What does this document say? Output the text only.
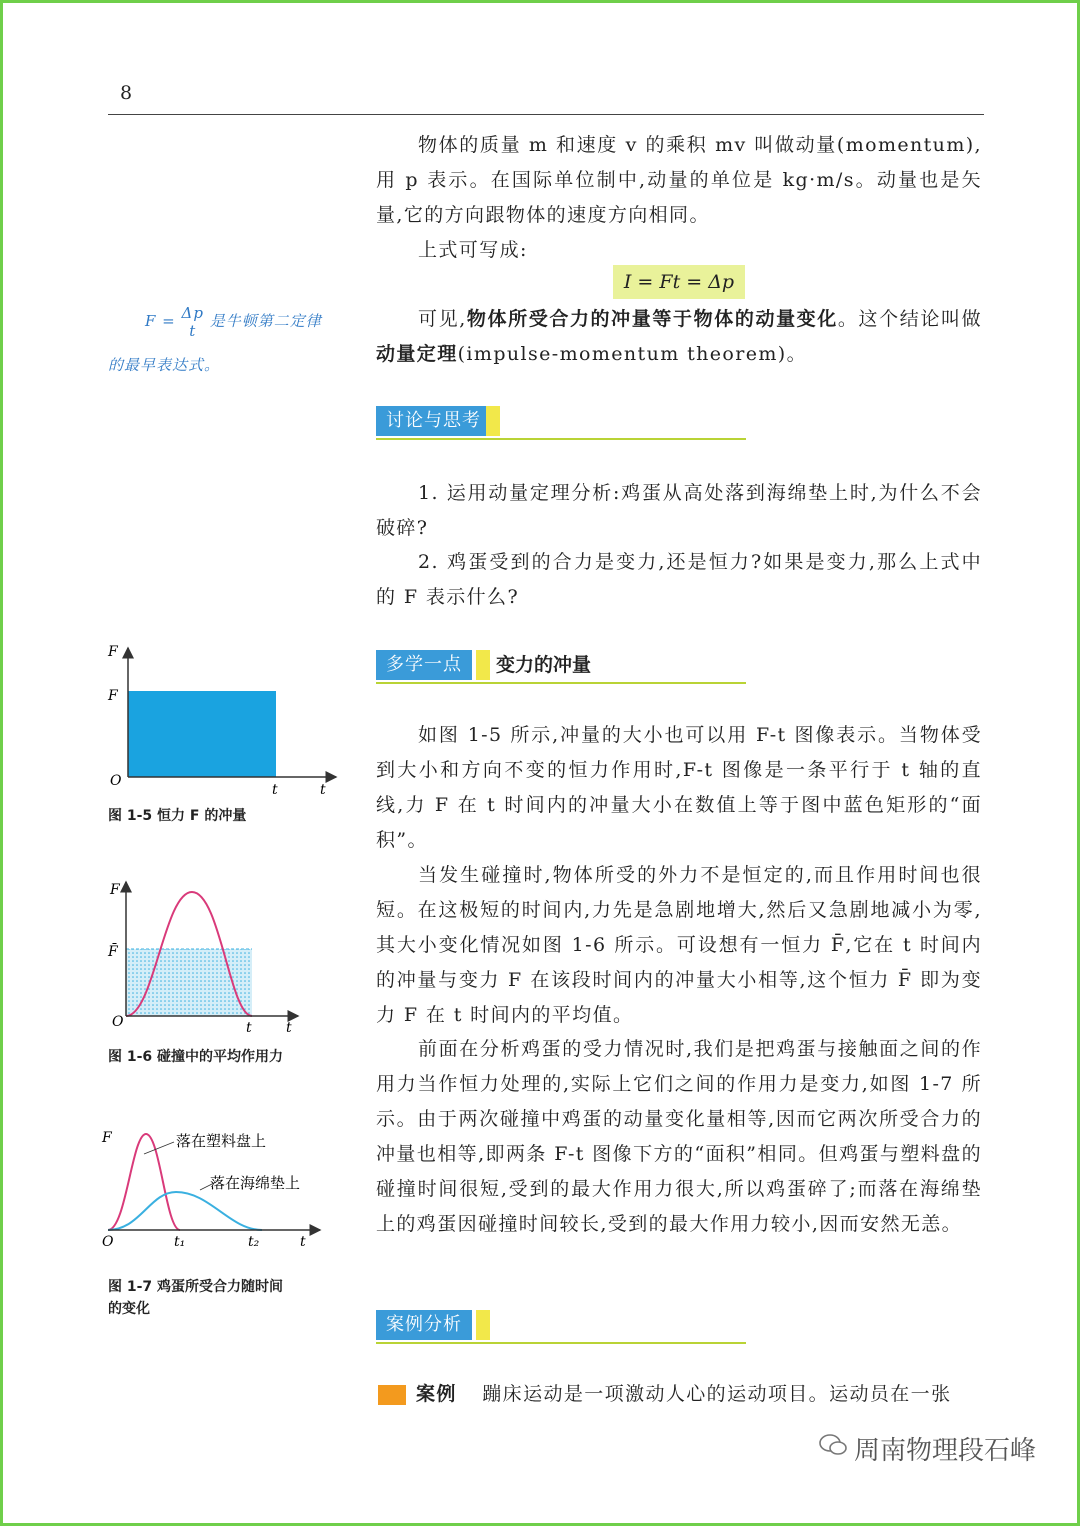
8

物体的质量 m 和速度 v 的乘积 mv 叫做动量(momentum),用 p 表示。在国际单位制中,动量的单位是 kg·m/s。动量也是矢量,它的方向跟物体的速度方向相同。

上式可写成:

I = Ft = Δp

可见,物体所受合力的冲量等于物体的动量变化。这个结论叫做动量定理(impulse-momentum theorem)。

F = Δp
t
是牛顿第二定律
的最早表达式。
讨论与思考

1. 运用动量定理分析:鸡蛋从高处落到海绵垫上时,为什么不会破碎?

2. 鸡蛋受到的合力是变力,还是恒力?如果是变力,那么上式中的 F 表示什么?

多学一点	变力的冲量

如图 1-5 所示,冲量的大小也可以用 F-t 图像表示。当物体受到大小和方向不变的恒力作用时,F-t 图像是一条平行于 t 轴的直线,力 F 在 t 时间内的冲量大小在数值上等于图中蓝色矩形的“面积”。

当发生碰撞时,物体所受的外力不是恒定的,而且作用时间也很短。在这极短的时间内,力先是急剧地增大,然后又急剧地减小为零,其大小变化情况如图 1-6 所示。可设想有一恒力 F̄,它在 t 时间内的冲量与变力 F 在该段时间内的冲量大小相等,这个恒力 F̄ 即为变力 F 在 t 时间内的平均值。

前面在分析鸡蛋的受力情况时,我们是把鸡蛋与接触面之间的作用力当作恒力处理的,实际上它们之间的作用力是变力,如图 1-7 所示。由于两次碰撞中鸡蛋的动量变化量相等,因而它两次所受合力的冲量也相等,即两条 F-t 图像下方的“面积”相同。但鸡蛋与塑料盘的碰撞时间很短,受到的最大作用力很大,所以鸡蛋碎了;而落在海绵垫上的鸡蛋因碰撞时间较长,受到的最大作用力较小,因而安然无恙。

案例分析
案例 蹦床运动是一项激动人心的运动项目。运动员在一张
F
F
O
t	t
图 1-5 恒力 F 的冲量
F
F̄
O	t t
图 1-6 碰撞中的平均作用力
F	落在塑料盘上
落在海绵垫上
O	t₁	t₂	t
图 1-7 鸡蛋所受合力随时间
的变化
周南物理段石峰
